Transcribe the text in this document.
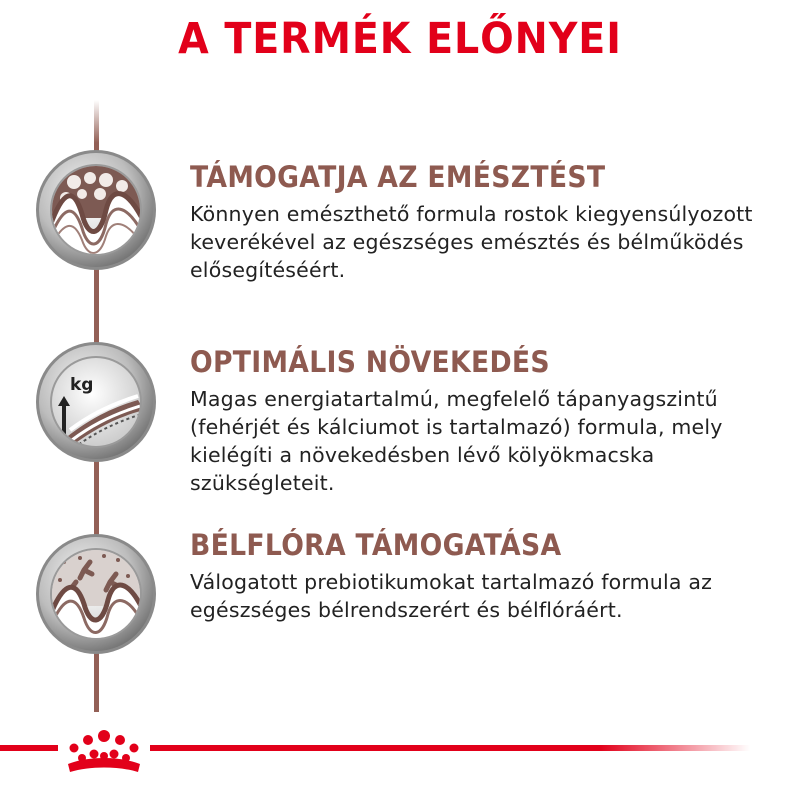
A TERMÉK ELŐNYEI
kg
TÁMOGATJA AZ EMÉSZTÉST

Könnyen emészthető formula rostok kiegyensúlyozott keverékével az egészséges emésztés és bélműködés elősegítéséért.

OPTIMÁLIS NÖVEKEDÉS

Magas energiatartalmú, megfelelő tápanyagszintű (fehérjét és kálciumot is tartalmazó) formula, mely kielégíti a növekedésben lévő kölyökmacska szükségleteit.

BÉLFLÓRA TÁMOGATÁSA

Válogatott prebiotikumokat tartalmazó formula az egészséges bélrendszerért és bélflóráért.
